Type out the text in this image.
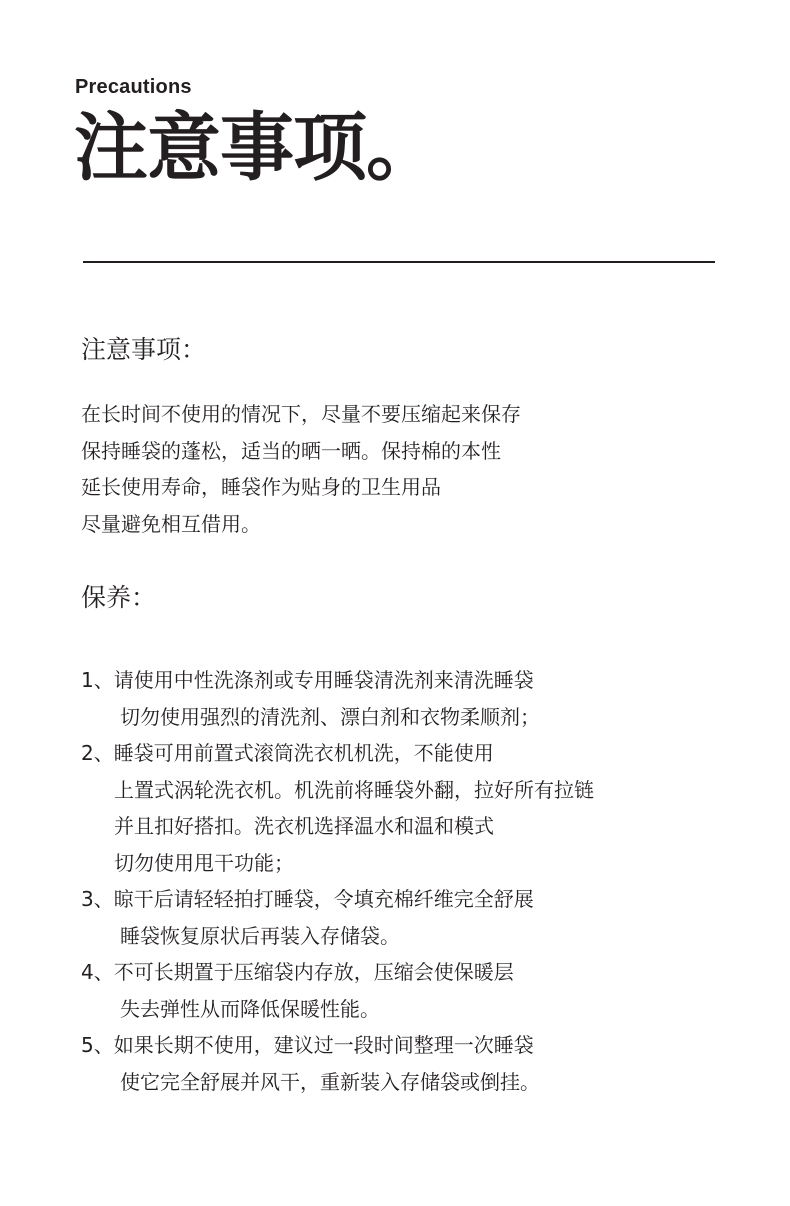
Precautions
注意事项。
注意事项：
在长时间不使用的情况下，尽量不要压缩起来保存
保持睡袋的蓬松，适当的晒一晒。保持棉的本性
延长使用寿命，睡袋作为贴身的卫生用品
尽量避免相互借用。
保养：
1、请使用中性洗涤剂或专用睡袋清洗剂来清洗睡袋
切勿使用强烈的清洗剂、漂白剂和衣物柔顺剂；
2、睡袋可用前置式滚筒洗衣机机洗，不能使用
上置式涡轮洗衣机。机洗前将睡袋外翻，拉好所有拉链
并且扣好搭扣。洗衣机选择温水和温和模式
切勿使用甩干功能；
3、晾干后请轻轻拍打睡袋，令填充棉纤维完全舒展
睡袋恢复原状后再装入存储袋。
4、不可长期置于压缩袋内存放，压缩会使保暖层
失去弹性从而降低保暖性能。
5、如果长期不使用，建议过一段时间整理一次睡袋
使它完全舒展并风干，重新装入存储袋或倒挂。
